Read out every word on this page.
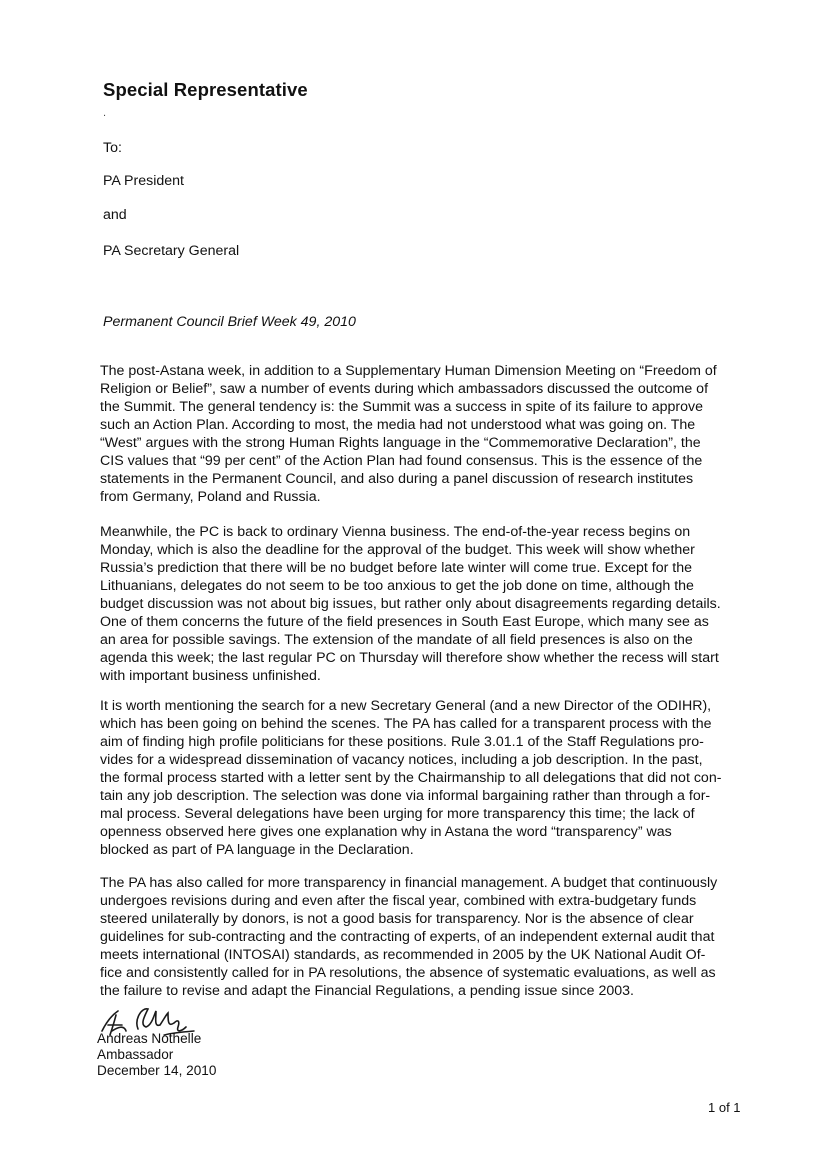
Special Representative
.
To:
PA President
and
PA Secretary General
Permanent Council Brief Week 49, 2010
The post-Astana week, in addition to a Supplementary Human Dimension Meeting on “Freedom of
Religion or Belief”, saw a number of events during which ambassadors discussed the outcome of
the Summit. The general tendency is: the Summit was a success in spite of its failure to approve
such an Action Plan. According to most, the media had not understood what was going on. The
“West” argues with the strong Human Rights language in the “Commemorative Declaration”, the
CIS values that “99 per cent” of the Action Plan had found consensus. This is the essence of the
statements in the Permanent Council, and also during a panel discussion of research institutes
from Germany, Poland and Russia.
Meanwhile, the PC is back to ordinary Vienna business. The end-of-the-year recess begins on
Monday, which is also the deadline for the approval of the budget. This week will show whether
Russia’s prediction that there will be no budget before late winter will come true. Except for the
Lithuanians, delegates do not seem to be too anxious to get the job done on time, although the
budget discussion was not about big issues, but rather only about disagreements regarding details.
One of them concerns the future of the field presences in South East Europe, which many see as
an area for possible savings. The extension of the mandate of all field presences is also on the
agenda this week; the last regular PC on Thursday will therefore show whether the recess will start
with important business unfinished.
It is worth mentioning the search for a new Secretary General (and a new Director of the ODIHR),
which has been going on behind the scenes. The PA has called for a transparent process with the
aim of finding high profile politicians for these positions. Rule 3.01.1 of the Staff Regulations pro-
vides for a widespread dissemination of vacancy notices, including a job description. In the past,
the formal process started with a letter sent by the Chairmanship to all delegations that did not con-
tain any job description. The selection was done via informal bargaining rather than through a for-
mal process. Several delegations have been urging for more transparency this time; the lack of
openness observed here gives one explanation why in Astana the word “transparency” was
blocked as part of PA language in the Declaration.
The PA has also called for more transparency in financial management. A budget that continuously
undergoes revisions during and even after the fiscal year, combined with extra-budgetary funds
steered unilaterally by donors, is not a good basis for transparency. Nor is the absence of clear
guidelines for sub-contracting and the contracting of experts, of an independent external audit that
meets international (INTOSAI) standards, as recommended in 2005 by the UK National Audit Of-
fice and consistently called for in PA resolutions, the absence of systematic evaluations, as well as
the failure to revise and adapt the Financial Regulations, a pending issue since 2003.
Andreas Nothelle
Ambassador
December 14, 2010
1 of 1
